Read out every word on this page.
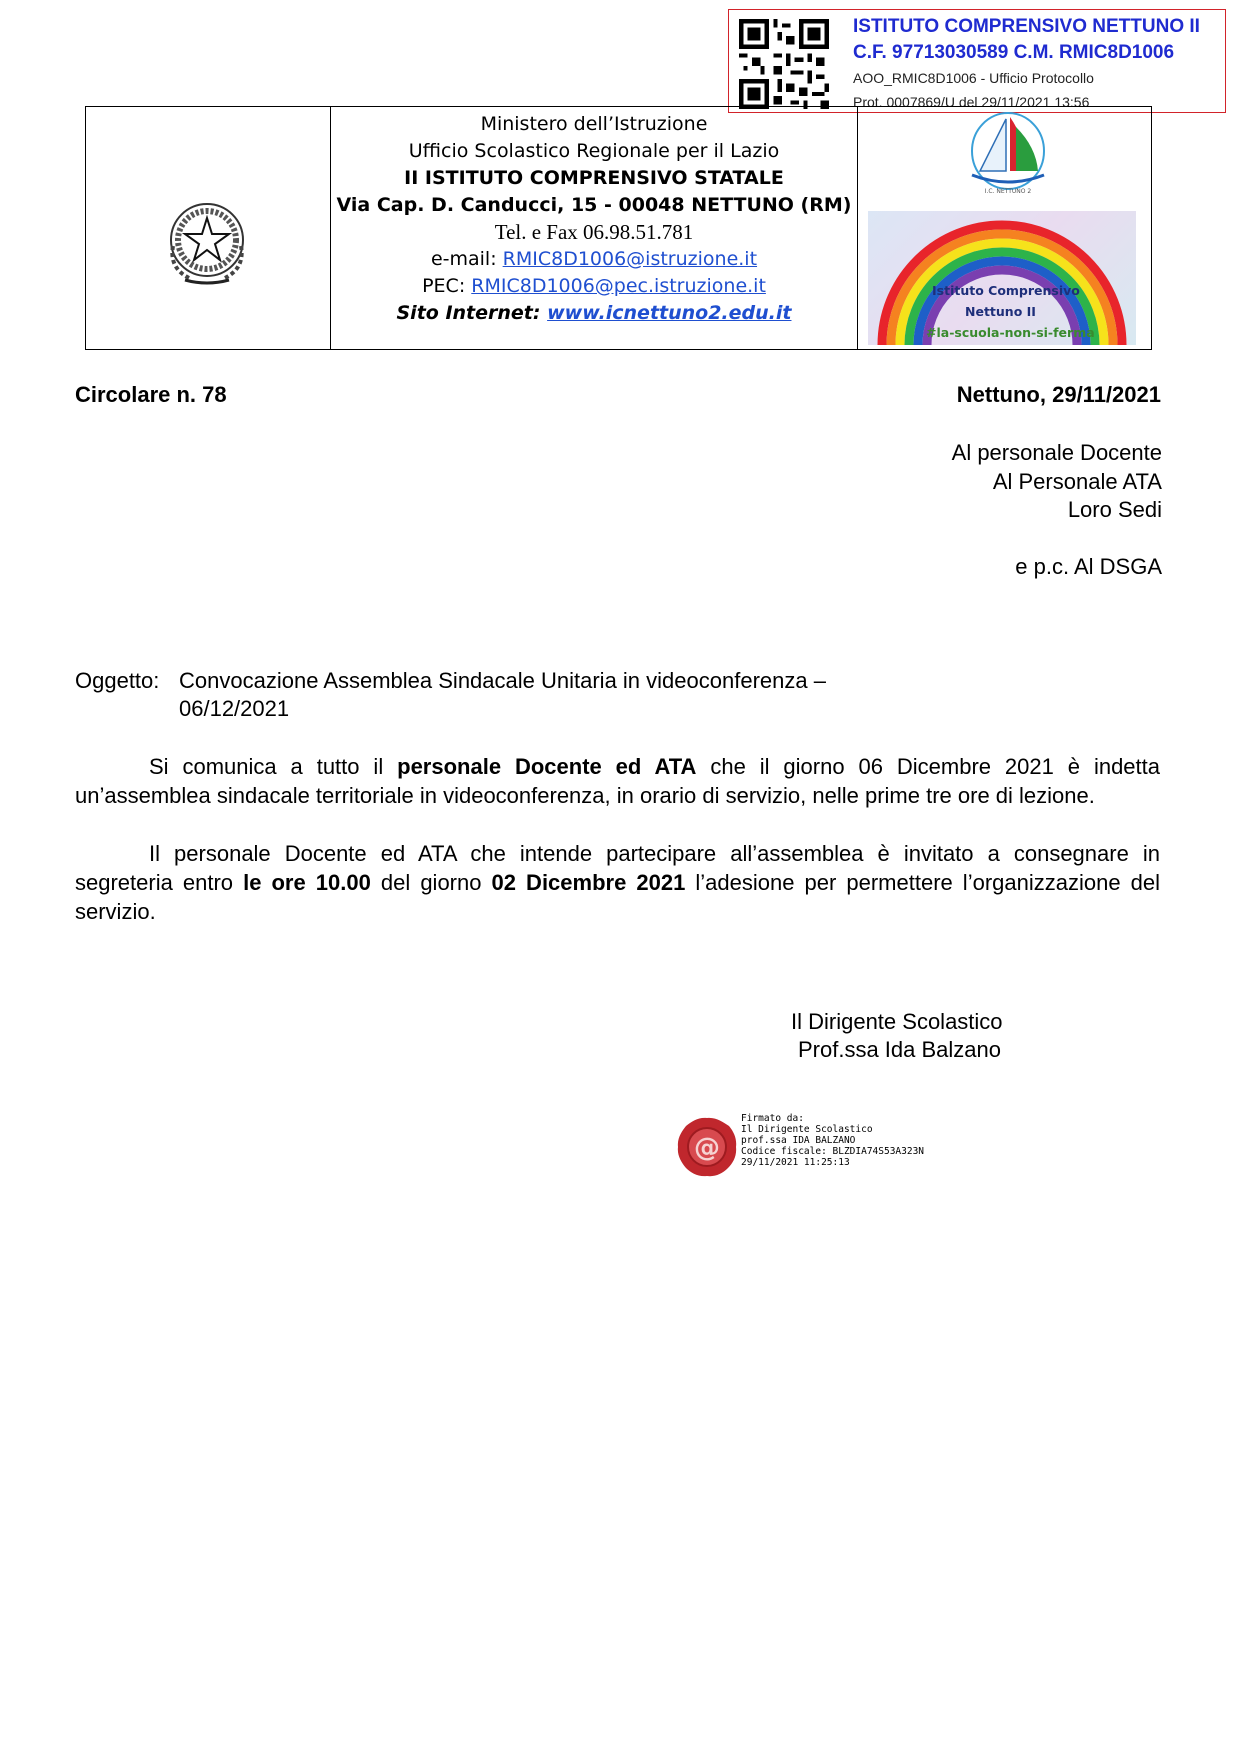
ISTITUTO COMPRENSIVO NETTUNO II
C.F. 97713030589 C.M. RMIC8D1006
AOO_RMIC8D1006 - Ufficio Protocollo
Prot. 0007869/U del 29/11/2021 13:56
Ministero dell’Istruzione
Ufficio Scolastico Regionale per il Lazio
II ISTITUTO COMPRENSIVO STATALE
Via Cap. D. Canducci, 15 - 00048 NETTUNO (RM)
Tel. e Fax 06.98.51.781
e-mail: RMIC8D1006@istruzione.it
PEC: RMIC8D1006@pec.istruzione.it
Sito Internet: www.icnettuno2.edu.it
I.C. NETTUNO 2
Istituto Comprensivo
Nettuno II
#la-scuola-non-si-ferma
Circolare n. 78	Nettuno, 29/11/2021
Al personale Docente
Al Personale ATA
Loro Sedi
e p.c. Al DSGA
Oggetto: Convocazione Assemblea Sindacale Unitaria in videoconferenza –
06/12/2021
Si comunica a tutto il personale Docente ed ATA che il giorno 06 Dicembre 2021 è indetta un’assemblea sindacale territoriale in videoconferenza, in orario di servizio, nelle prime tre ore di lezione.
Il personale Docente ed ATA che intende partecipare all’assemblea è invitato a consegnare in segreteria entro le ore 10.00 del giorno 02 Dicembre 2021 l’adesione per permettere l’organizzazione del servizio.
Il Dirigente Scolastico
Prof.ssa Ida Balzano
@
Firmato da:
Il Dirigente Scolastico
prof.ssa IDA BALZANO
Codice fiscale: BLZDIA74S53A323N
29/11/2021 11:25:13
